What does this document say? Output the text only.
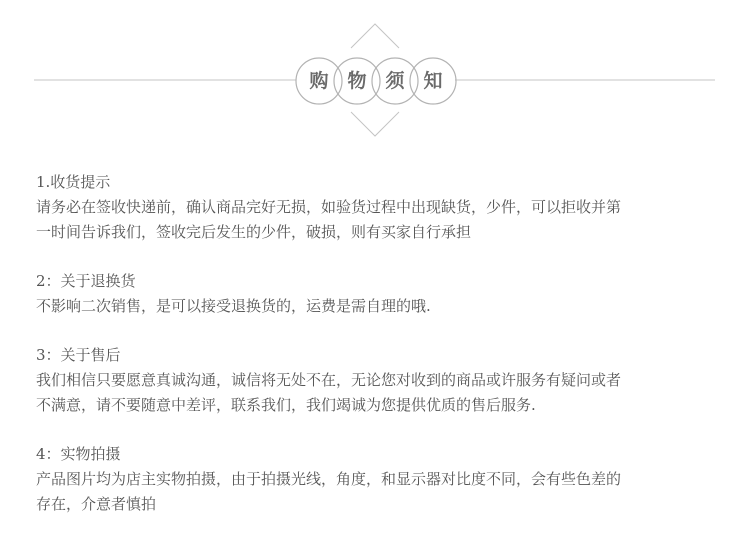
购 物 须 知
1.收货提示
请务必在签收快递前，确认商品完好无损，如验货过程中出现缺货，少件，可以拒收并第
一时间告诉我们，签收完后发生的少件，破损，则有买家自行承担
2：关于退换货
不影响二次销售，是可以接受退换货的，运费是需自理的哦.
3：关于售后
我们相信只要愿意真诚沟通，诚信将无处不在，无论您对收到的商品或许服务有疑问或者
不满意，请不要随意中差评，联系我们，我们竭诚为您提供优质的售后服务.
4：实物拍摄
产品图片均为店主实物拍摄，由于拍摄光线，角度，和显示器对比度不同，会有些色差的
存在，介意者慎拍
